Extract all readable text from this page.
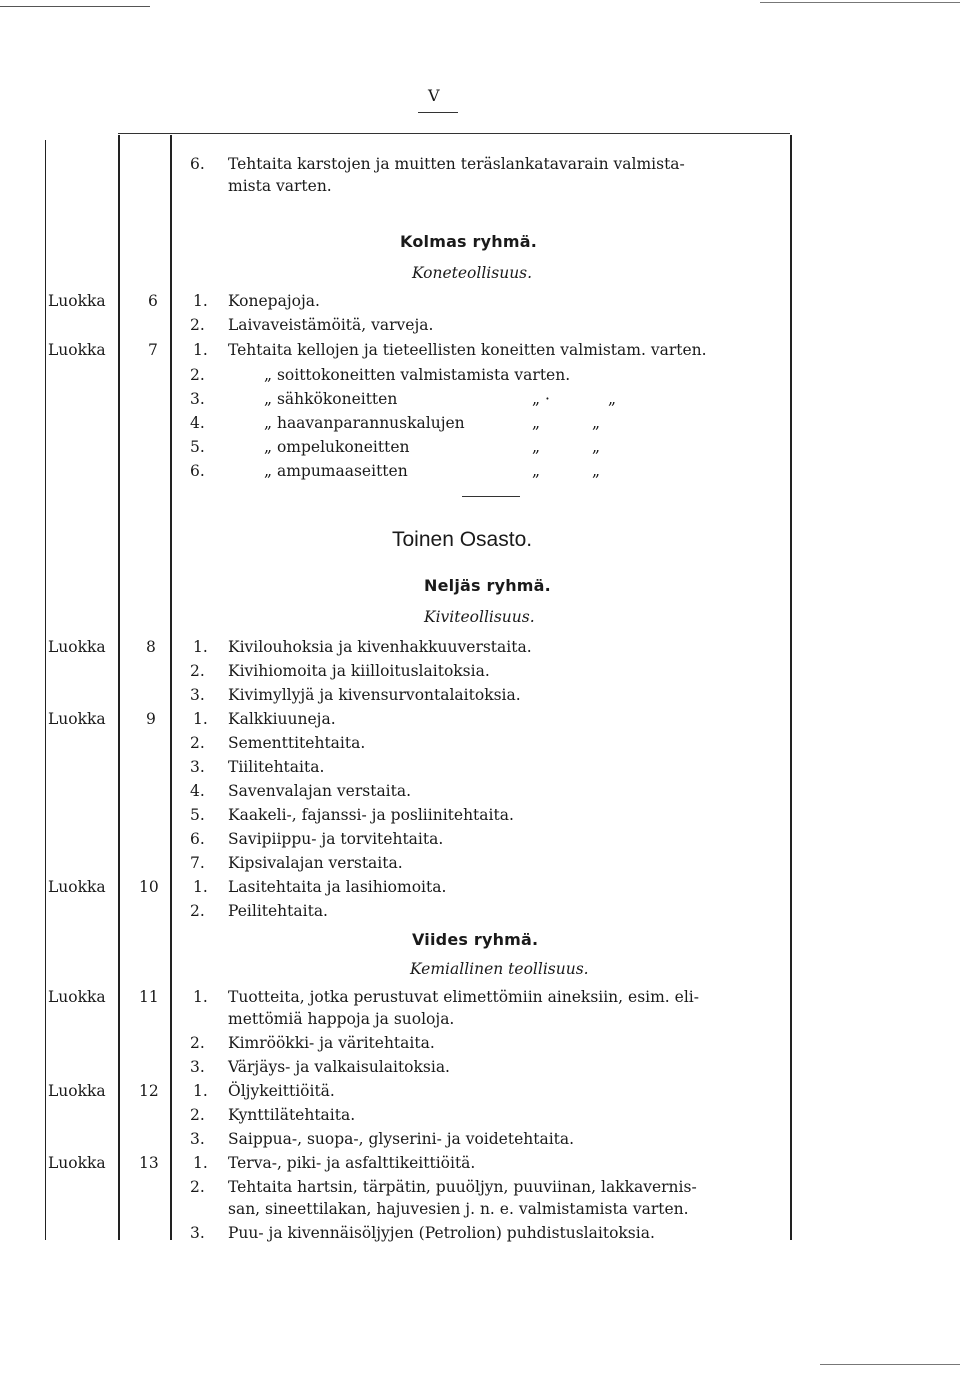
V
6. Tehtaita karstojen ja muitten teräslankatavarain valmista-
mista varten.
Kolmas ryhmä.
Koneteollisuus.
Luokka	6 1. Konepajoja.
2. Laivaveistämöitä, varveja.
Luokka	7 1. Tehtaita kellojen ja tieteellisten koneitten valmistam. varten.
2.	„ soittokoneitten valmistamista varten.
3.	„ sähkökoneitten	„ ·	„
4.	„ haavanparannuskalujen	„	„
5.	„ ompelukoneitten	„	„
6.	„ ampumaaseitten	„	„
Toinen Osasto.
Neljäs ryhmä.
Kiviteollisuus.
Luokka	8 1. Kivilouhoksia ja kivenhakkuuverstaita.
2. Kivihiomoita ja kiilloituslaitoksia.
3. Kivimyllyjä ja kivensurvontalaitoksia.
Luokka	9 1. Kalkkiuuneja.
2. Sementtitehtaita.
3. Tiilitehtaita.
4. Savenvalajan verstaita.
5. Kaakeli-, fajanssi- ja posliinitehtaita.
6. Savipiippu- ja torvitehtaita.
7. Kipsivalajan verstaita.
Luokka 10 1. Lasitehtaita ja lasihiomoita.
2. Peilitehtaita.
Viides ryhmä.
Kemiallinen teollisuus.
Luokka 11 1. Tuotteita, jotka perustuvat elimettömiin aineksiin, esim. eli-
mettömiä happoja ja suoloja.
2. Kimröökki- ja väritehtaita.
3. Värjäys- ja valkaisulaitoksia.
Luokka 12 1. Öljykeittiöitä.
2. Kynttilätehtaita.
3. Saippua-, suopa-, glyserini- ja voidetehtaita.
Luokka 13 1. Terva-, piki- ja asfalttikeittiöitä.
2. Tehtaita hartsin, tärpätin, puuöljyn, puuviinan, lakkavernis-
san, sineettilakan, hajuvesien j. n. e. valmistamista varten.
3. Puu- ja kivennäisöljyjen (Petrolion) puhdistuslaitoksia.
